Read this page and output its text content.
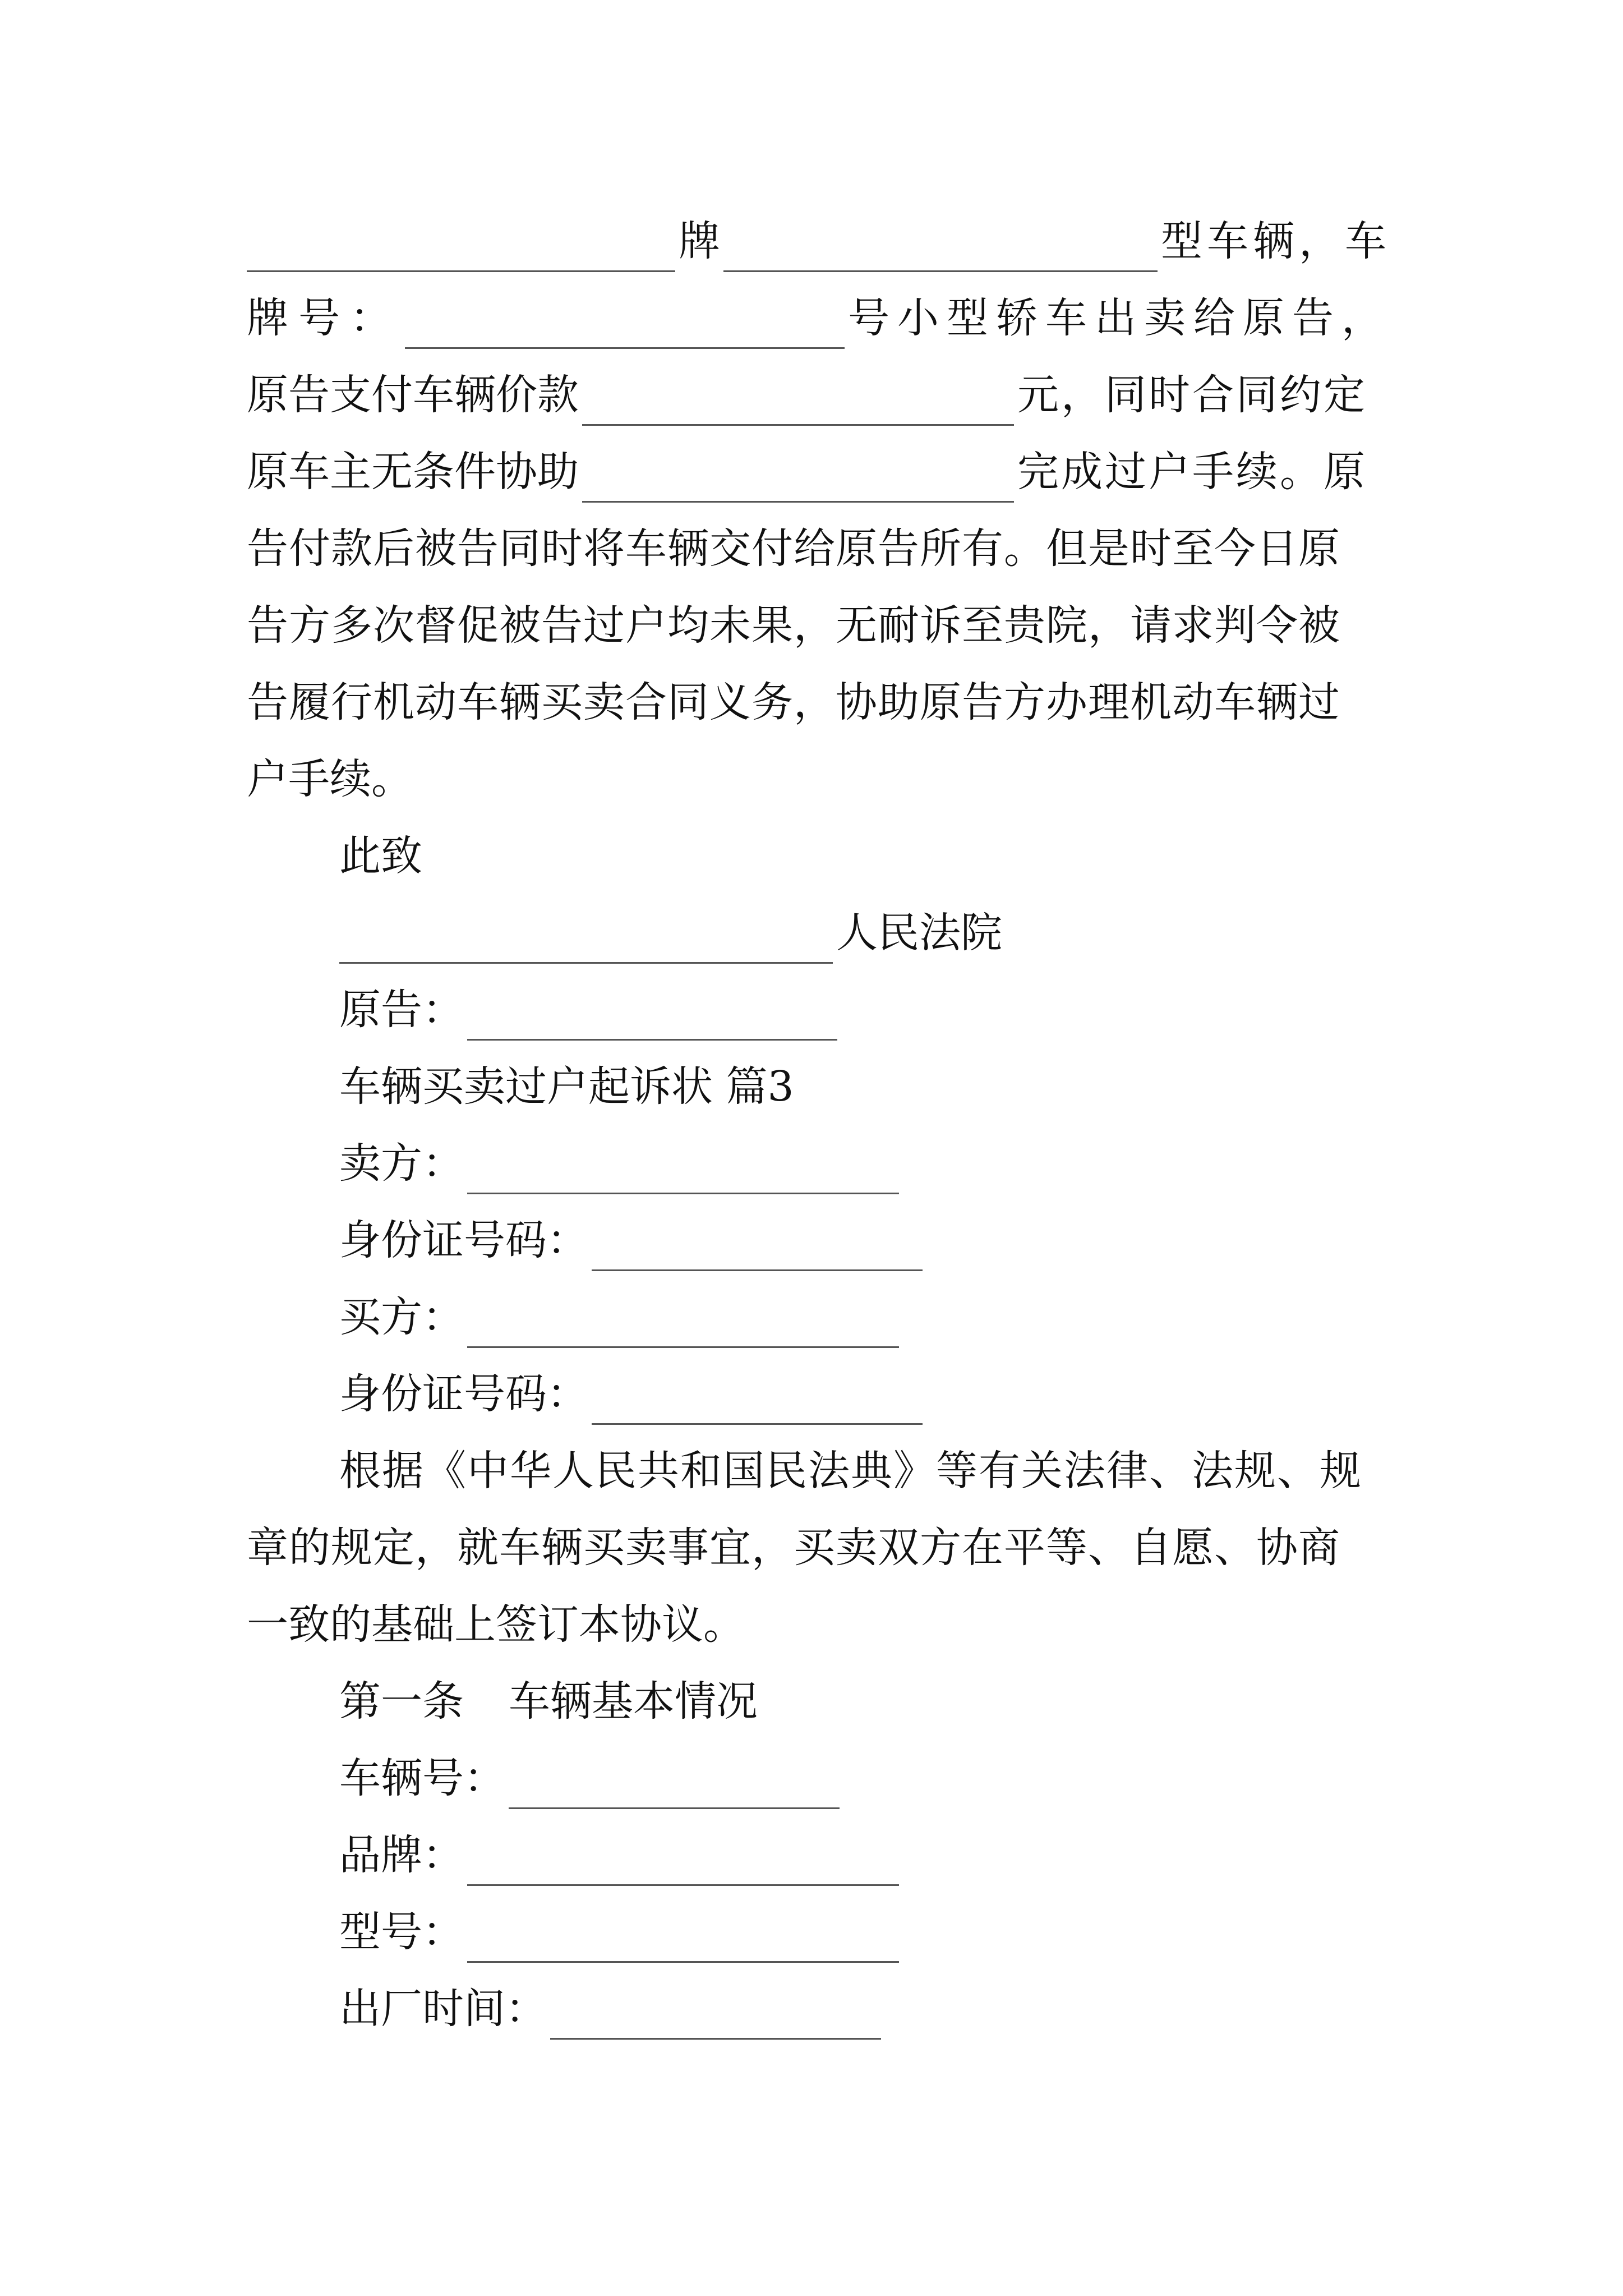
牌	型车辆，车
牌号：	号小型轿车出卖给原告，
原告支付车辆价款	元，同时合同约定
原车主无条件协助	完成过户手续。原
告付款后被告同时将车辆交付给原告所有。但是时至今日原
告方多次督促被告过户均未果，无耐诉至贵院，请求判令被
告履行机动车辆买卖合同义务，协助原告方办理机动车辆过
户手续。
此致
人民法院
原告：
车辆买卖过户起诉状 篇3
卖方：
身份证号码：
买方：
身份证号码：
根据《中华人民共和国民法典》等有关法律、法规、规
章的规定，就车辆买卖事宜，买卖双方在平等、自愿、协商
一致的基础上签订本协议。
第一条 车辆基本情况
车辆号：
品牌：
型号：
出厂时间：
